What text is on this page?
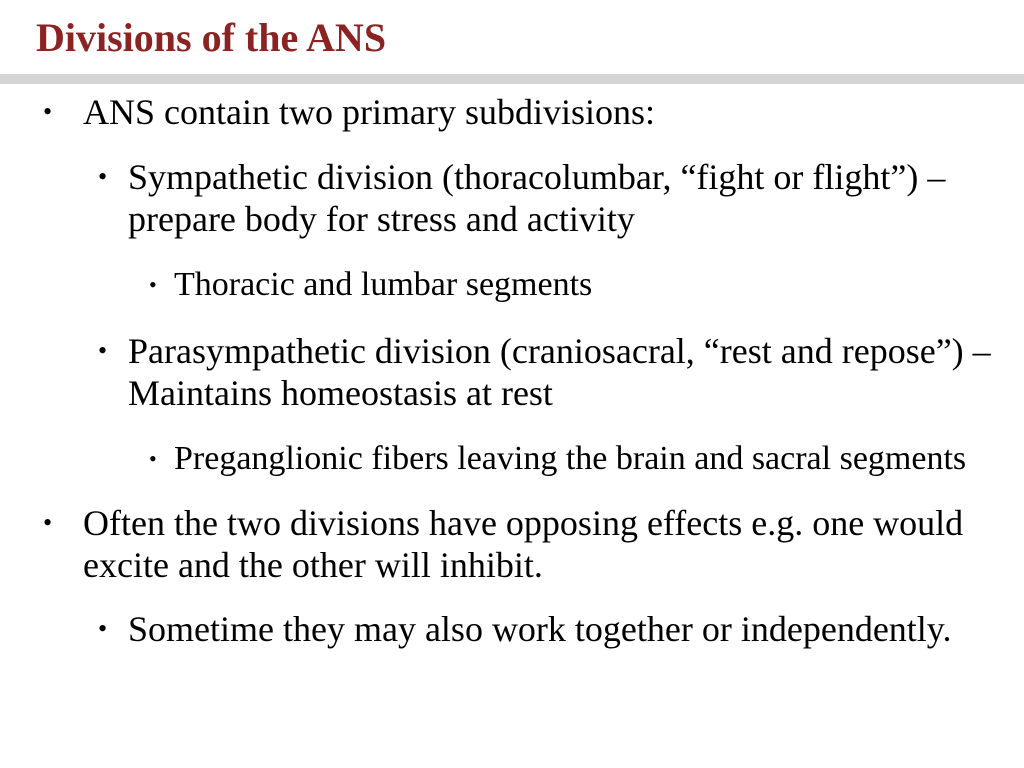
Divisions of the ANS
• ANS contain two primary subdivisions:
• Sympathetic division (thoracolumbar, “fight or flight”) – prepare body for stress and activity
• Thoracic and lumbar segments
• Parasympathetic division (craniosacral, “rest and repose”) – Maintains homeostasis at rest
• Preganglionic fibers leaving the brain and sacral segments
• Often the two divisions have opposing effects e.g. one would excite and the other will inhibit.
• Sometime they may also work together or independently.
